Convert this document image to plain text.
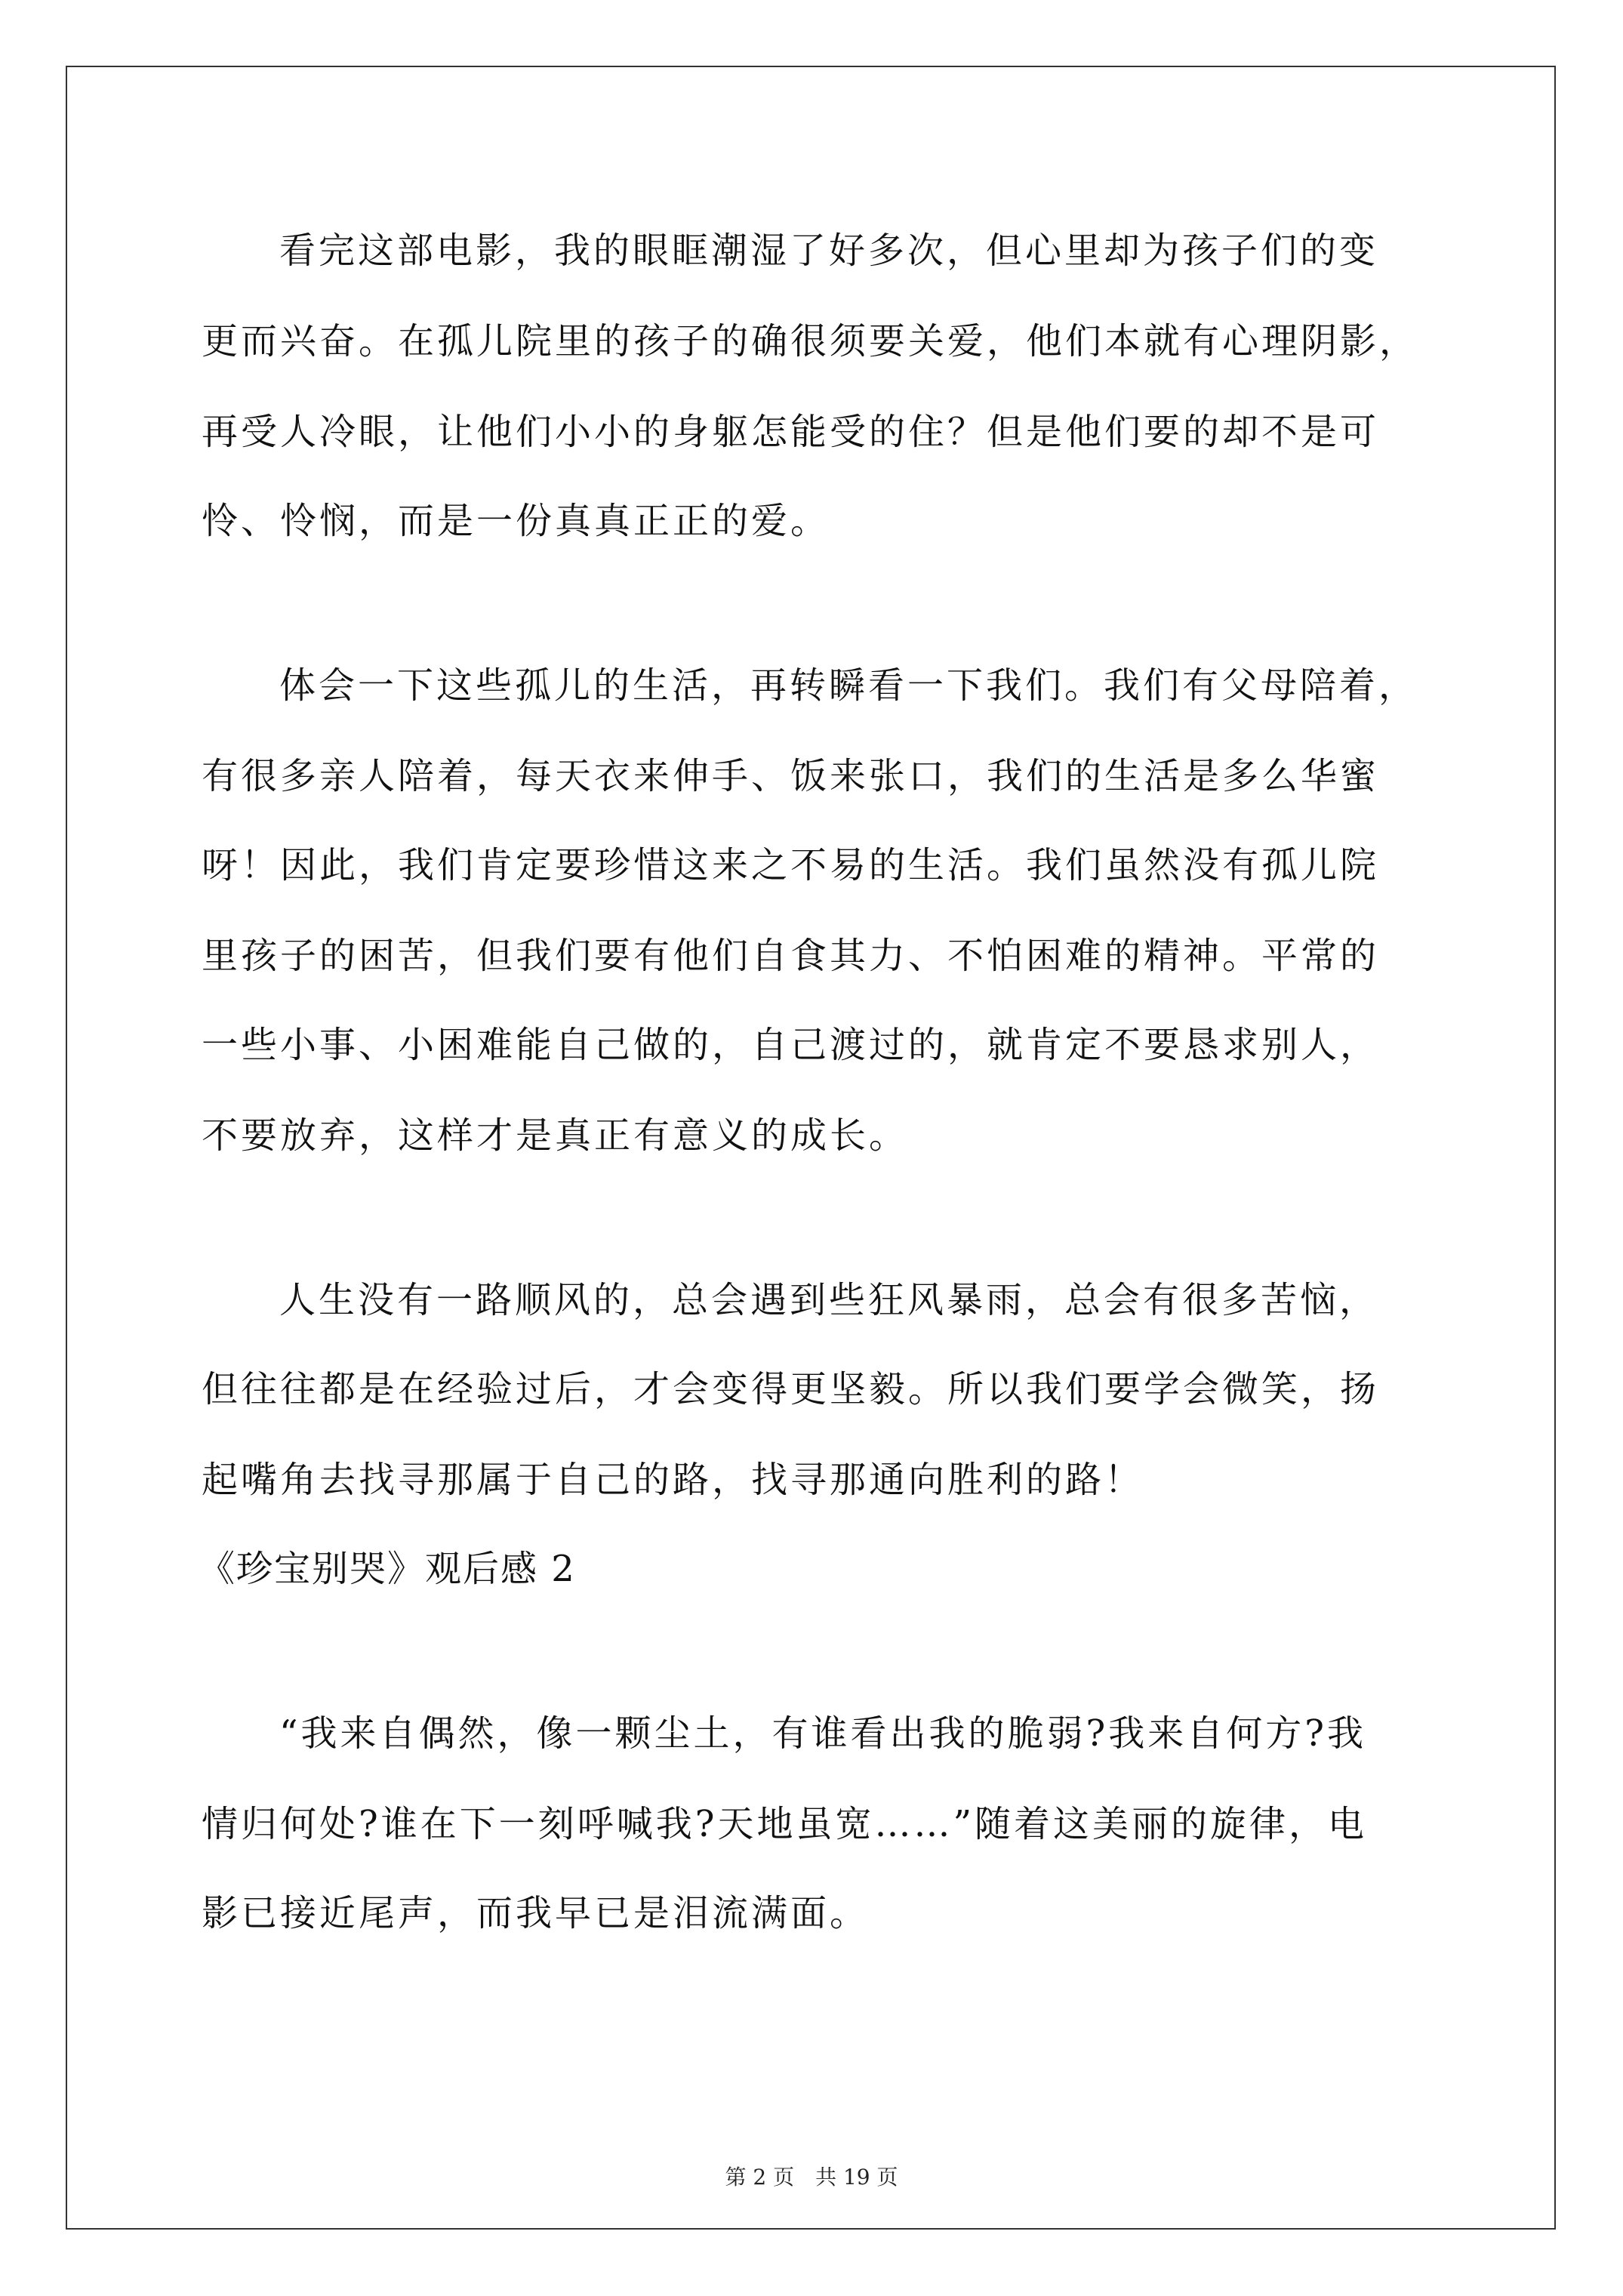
看完这部电影，我的眼眶潮湿了好多次，但心里却为孩子们的变

更而兴奋。在孤儿院里的孩子的确很须要关爱，他们本就有心理阴影，

再受人冷眼，让他们小小的身躯怎能受的住？但是他们要的却不是可

怜、怜悯，而是一份真真正正的爱。

体会一下这些孤儿的生活，再转瞬看一下我们。我们有父母陪着，

有很多亲人陪着，每天衣来伸手、饭来张口，我们的生活是多么华蜜

呀！因此，我们肯定要珍惜这来之不易的生活。我们虽然没有孤儿院

里孩子的困苦，但我们要有他们自食其力、不怕困难的精神。平常的

一些小事、小困难能自己做的，自己渡过的，就肯定不要恳求别人，

不要放弃，这样才是真正有意义的成长。

人生没有一路顺风的，总会遇到些狂风暴雨，总会有很多苦恼，

但往往都是在经验过后，才会变得更坚毅。所以我们要学会微笑，扬

起嘴角去找寻那属于自己的路，找寻那通向胜利的路！

《珍宝别哭》观后感 2

“我来自偶然，像一颗尘土，有谁看出我的脆弱?我来自何方?我

情归何处?谁在下一刻呼喊我?天地虽宽……”随着这美丽的旋律，电

影已接近尾声，而我早已是泪流满面。

第 2 页 共 19 页
